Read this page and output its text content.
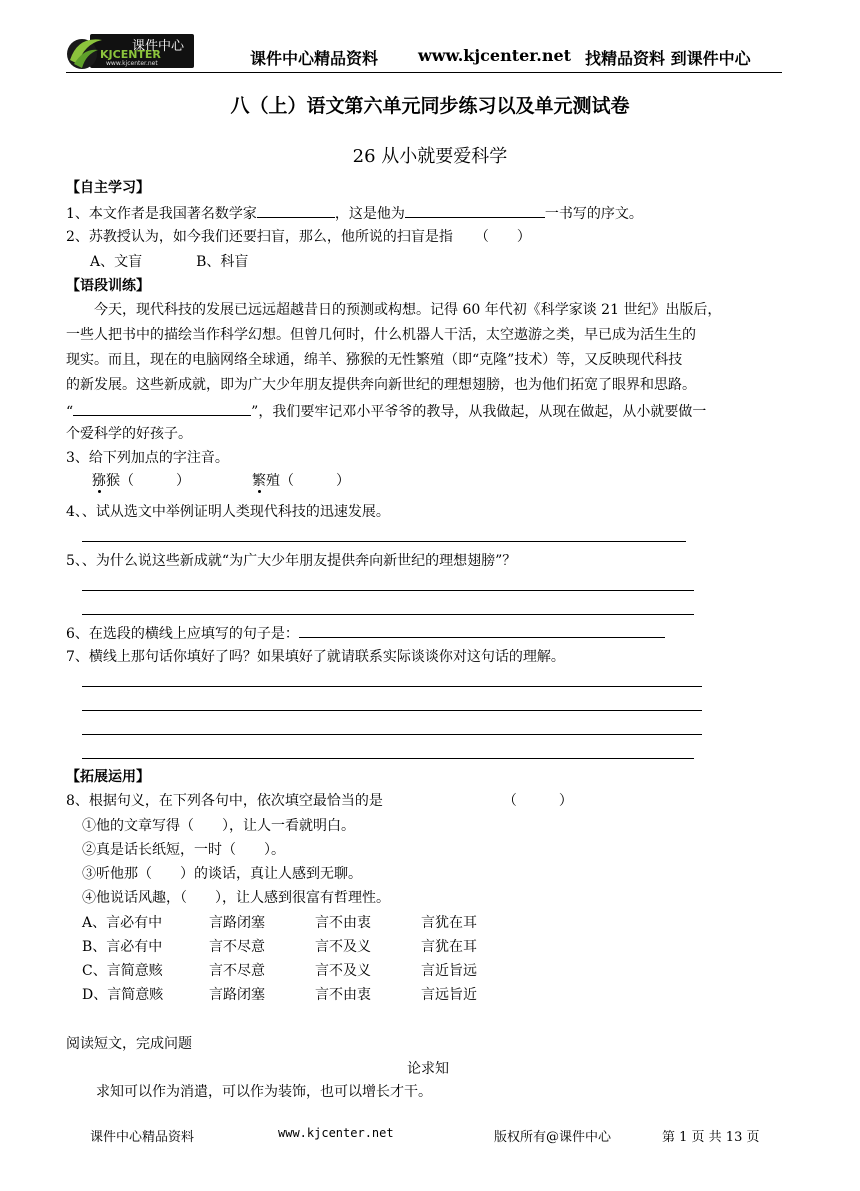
课件中心
KJCENTER
www.kjcenter.net	课件中心精品资料 www.kjcenter.net 找精品资料 到课件中心
八（上）语文第六单元同步练习以及单元测试卷
26 从小就要爱科学
【自主学习】
1、本文作者是我国著名数学家	，这是他为	一书写的序文。
2、苏教授认为，如今我们还要扫盲，那么，他所说的扫盲是指 （　　）
A、文盲	B、科盲
【语段训练】
今天，现代科技的发展已远远超越昔日的预测或构想。记得 60 年代初《科学家谈 21 世纪》出版后，
一些人把书中的描绘当作科学幻想。但曾几何时，什么机器人干活，太空遨游之类，早已成为活生生的
现实。而且，现在的电脑网络全球通，绵羊、猕猴的无性繁殖（即“克隆”技术）等，又反映现代科技
的新发展。这些新成就，即为广大少年朋友提供奔向新世纪的理想翅膀，也为他们拓宽了眼界和思路。
“	”，我们要牢记邓小平爷爷的教导，从我做起，从现在做起，从小就要做一
个爱科学的好孩子。
3、给下列加点的字注音。
猕猴（　　　）	繁殖（　　　）
4、、试从选文中举例证明人类现代科技的迅速发展。
5、、为什么说这些新成就“为广大少年朋友提供奔向新世纪的理想翅膀”？
6、在选段的横线上应填写的句子是：
7、横线上那句话你填好了吗？如果填好了就请联系实际谈谈你对这句话的理解。
【拓展运用】
8、根据句义，在下列各句中，依次填空最恰当的是	（　　　）
①他的文章写得（　　），让人一看就明白。
②真是话长纸短，一时（　　）。
③听他那（　　）的谈话，真让人感到无聊。
④他说话风趣，（　　），让人感到很富有哲理性。
A、言必有中	言路闭塞	言不由衷	言犹在耳
B、言必有中	言不尽意	言不及义	言犹在耳
C、言简意赅	言不尽意	言不及义	言近旨远
D、言简意赅	言路闭塞	言不由衷	言远旨近
阅读短文，完成问题
论求知
求知可以作为消遣，可以作为装饰，也可以增长才干。
课件中心精品资料	www.kjcenter.net	版权所有@课件中心	第 1 页 共 13 页
